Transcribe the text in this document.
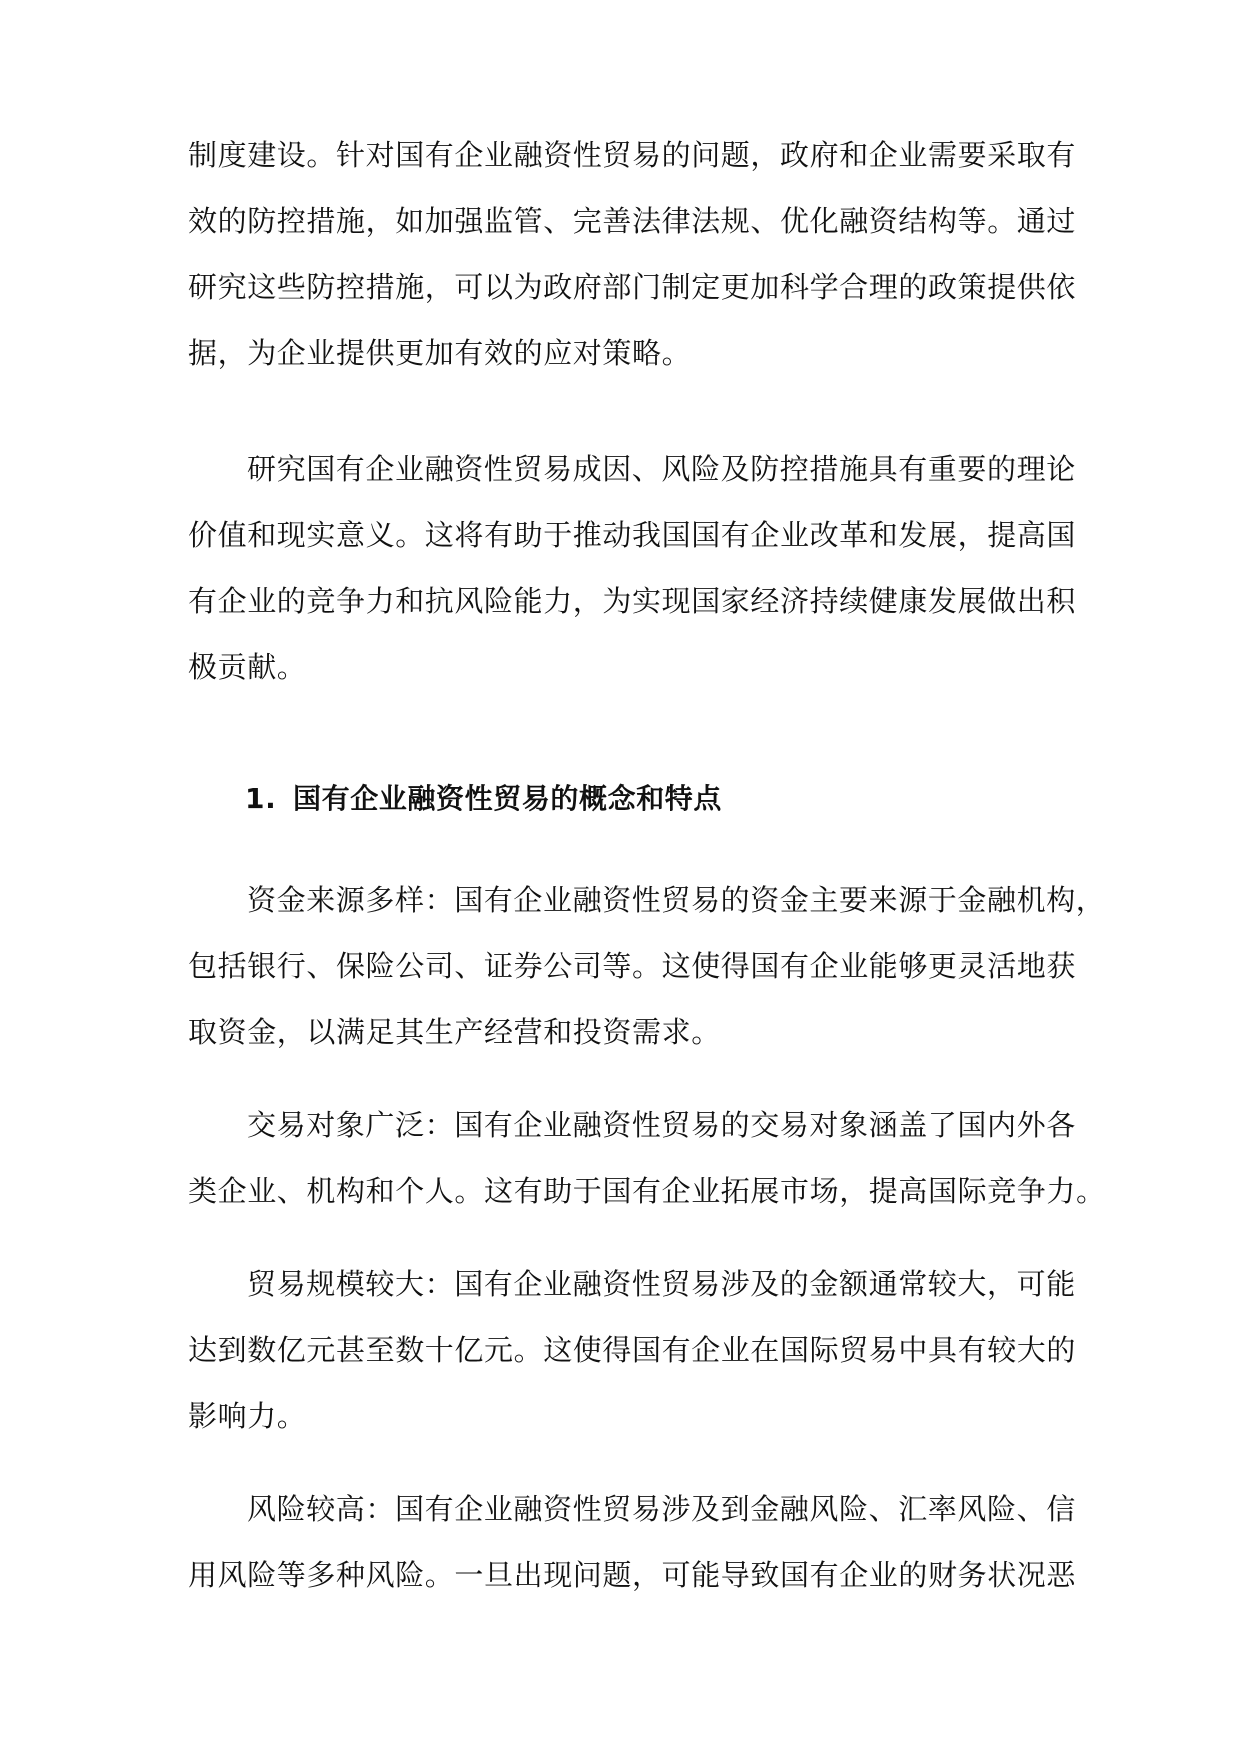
制度建设。针对国有企业融资性贸易的问题，政府和企业需要采取有
效的防控措施，如加强监管、完善法律法规、优化融资结构等。通过
研究这些防控措施，可以为政府部门制定更加科学合理的政策提供依
据，为企业提供更加有效的应对策略。
研究国有企业融资性贸易成因、风险及防控措施具有重要的理论
价值和现实意义。这将有助于推动我国国有企业改革和发展，提高国
有企业的竞争力和抗风险能力，为实现国家经济持续健康发展做出积
极贡献。
1. 国有企业融资性贸易的概念和特点
资金来源多样：国有企业融资性贸易的资金主要来源于金融机构，
包括银行、保险公司、证券公司等。这使得国有企业能够更灵活地获
取资金，以满足其生产经营和投资需求。
交易对象广泛：国有企业融资性贸易的交易对象涵盖了国内外各
类企业、机构和个人。这有助于国有企业拓展市场，提高国际竞争力。
贸易规模较大：国有企业融资性贸易涉及的金额通常较大，可能
达到数亿元甚至数十亿元。这使得国有企业在国际贸易中具有较大的
影响力。
风险较高：国有企业融资性贸易涉及到金融风险、汇率风险、信
用风险等多种风险。一旦出现问题，可能导致国有企业的财务状况恶
